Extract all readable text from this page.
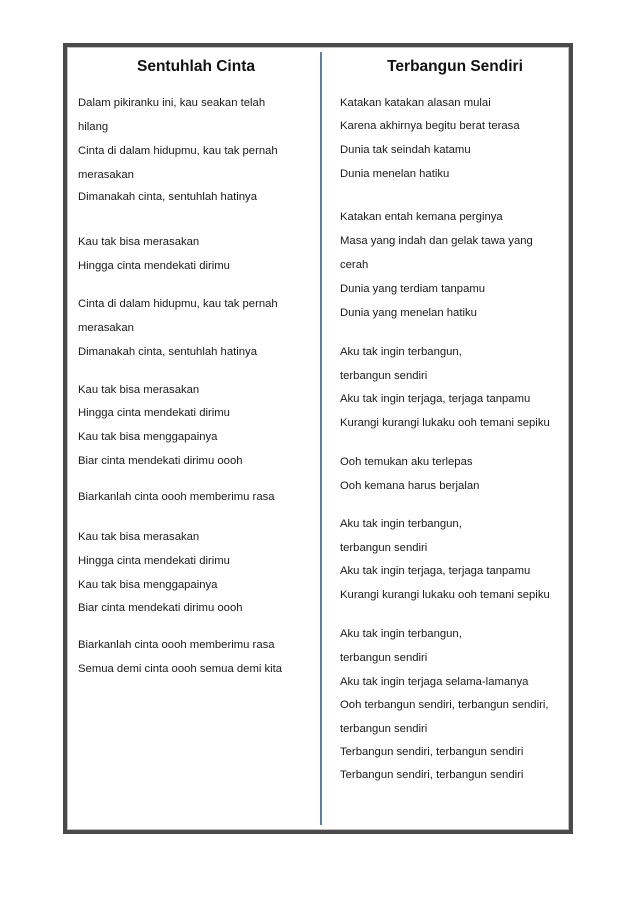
Sentuhlah Cinta
Dalam pikiranku ini, kau seakan telah
hilang
Cinta di dalam hidupmu, kau tak pernah
merasakan
Dimanakah cinta, sentuhlah hatinya
Kau tak bisa merasakan
Hingga cinta mendekati dirimu
Cinta di dalam hidupmu, kau tak pernah
merasakan
Dimanakah cinta, sentuhlah hatinya
Kau tak bisa merasakan
Hingga cinta mendekati dirimu
Kau tak bisa menggapainya
Biar cinta mendekati dirimu oooh
Biarkanlah cinta oooh memberimu rasa
Kau tak bisa merasakan
Hingga cinta mendekati dirimu
Kau tak bisa menggapainya
Biar cinta mendekati dirimu oooh
Biarkanlah cinta oooh memberimu rasa
Semua demi cinta oooh semua demi kita
Terbangun Sendiri
Katakan katakan alasan mulai
Karena akhirnya begitu berat terasa
Dunia tak seindah katamu
Dunia menelan hatiku
Katakan entah kemana perginya
Masa yang indah dan gelak tawa yang
cerah
Dunia yang terdiam tanpamu
Dunia yang menelan hatiku
Aku tak ingin terbangun,
terbangun sendiri
Aku tak ingin terjaga, terjaga tanpamu
Kurangi kurangi lukaku ooh temani sepiku
Ooh temukan aku terlepas
Ooh kemana harus berjalan
Aku tak ingin terbangun,
terbangun sendiri
Aku tak ingin terjaga, terjaga tanpamu
Kurangi kurangi lukaku ooh temani sepiku
Aku tak ingin terbangun,
terbangun sendiri
Aku tak ingin terjaga selama-lamanya
Ooh terbangun sendiri, terbangun sendiri,
terbangun sendiri
Terbangun sendiri, terbangun sendiri
Terbangun sendiri, terbangun sendiri
